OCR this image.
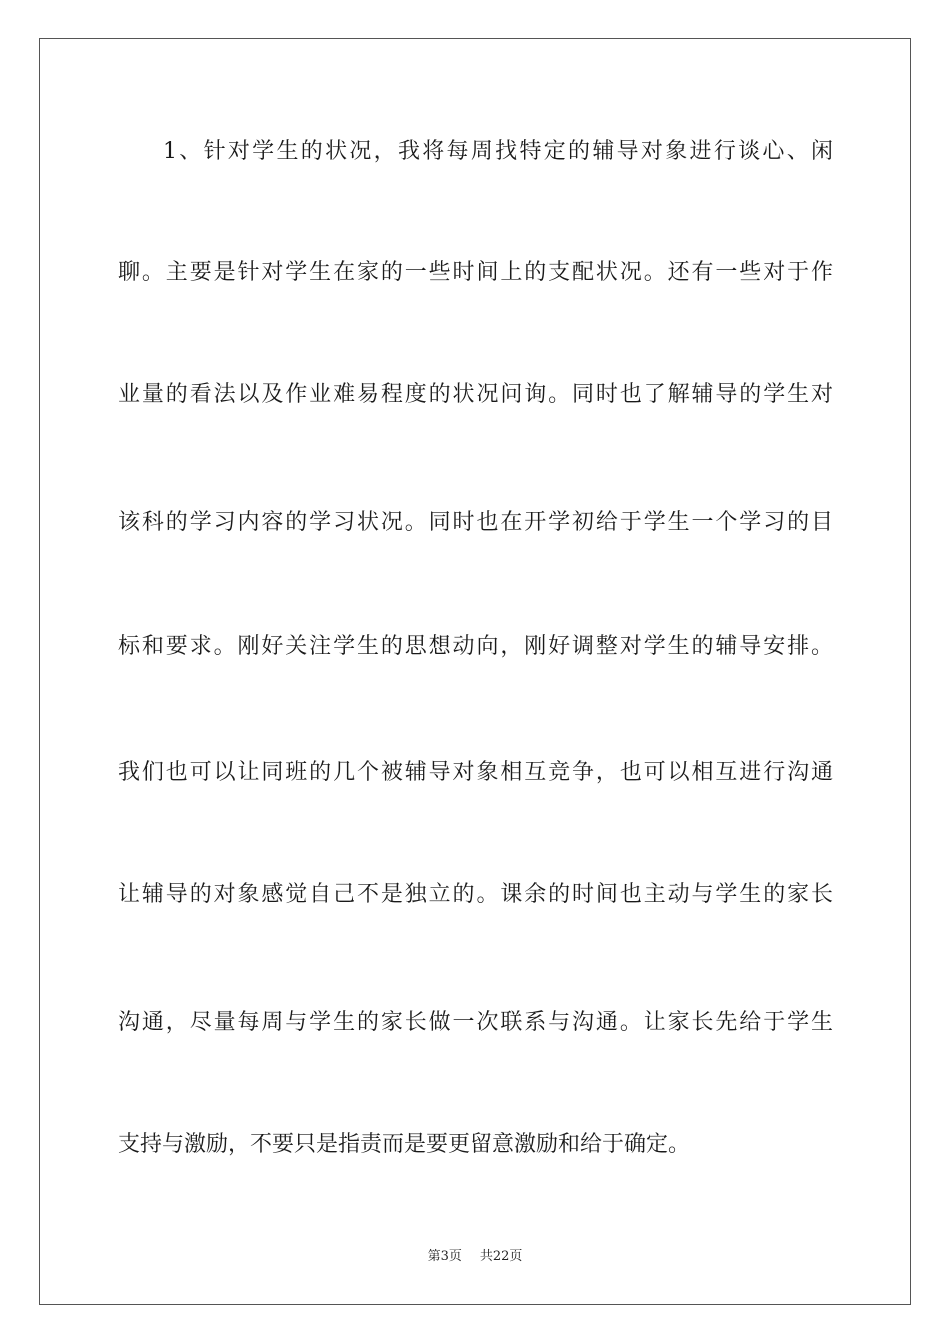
1、针对学生的状况，我将每周找特定的辅导对象进行谈心、闲
聊。主要是针对学生在家的一些时间上的支配状况。还有一些对于作
业量的看法以及作业难易程度的状况问询。同时也了解辅导的学生对
该科的学习内容的学习状况。同时也在开学初给于学生一个学习的目
标和要求。刚好关注学生的思想动向，刚好调整对学生的辅导安排。
我们也可以让同班的几个被辅导对象相互竞争，也可以相互进行沟通
让辅导的对象感觉自己不是独立的。课余的时间也主动与学生的家长
沟通，尽量每周与学生的家长做一次联系与沟通。让家长先给于学生
支持与激励，不要只是指责而是要更留意激励和给于确定。
第3页 共22页
